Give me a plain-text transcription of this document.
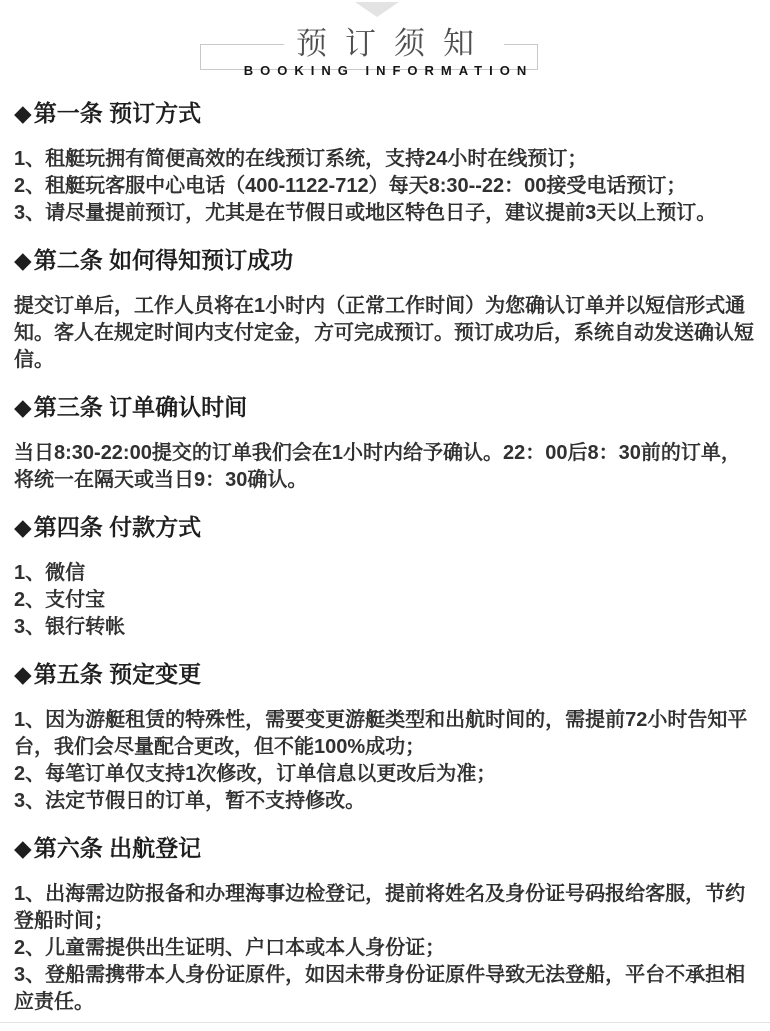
预订须知
BOOKING INFORMATION
◆第一条 预订方式
1、租艇玩拥有简便高效的在线预订系统，支持24小时在线预订；
2、租艇玩客服中心电话（400-1122-712）每天8:30--22：00接受电话预订；
3、请尽量提前预订，尤其是在节假日或地区特色日子，建议提前3天以上预订。
◆第二条 如何得知预订成功
提交订单后，工作人员将在1小时内（正常工作时间）为您确认订单并以短信形式通知。客人在规定时间内支付定金，方可完成预订。预订成功后，系统自动发送确认短信。
◆第三条 订单确认时间
当日8:30-22:00提交的订单我们会在1小时内给予确认。22：00后8：30前的订单，将统一在隔天或当日9：30确认。
◆第四条 付款方式
1、微信
2、支付宝
3、银行转帐
◆第五条 预定变更
1、因为游艇租赁的特殊性，需要变更游艇类型和出航时间的，需提前72小时告知平台，我们会尽量配合更改，但不能100%成功；
2、每笔订单仅支持1次修改，订单信息以更改后为准；
3、法定节假日的订单，暂不支持修改。
◆第六条 出航登记
1、出海需边防报备和办理海事边检登记，提前将姓名及身份证号码报给客服，节约登船时间；
2、儿童需提供出生证明、户口本或本人身份证；
3、登船需携带本人身份证原件，如因未带身份证原件导致无法登船，平台不承担相应责任。
